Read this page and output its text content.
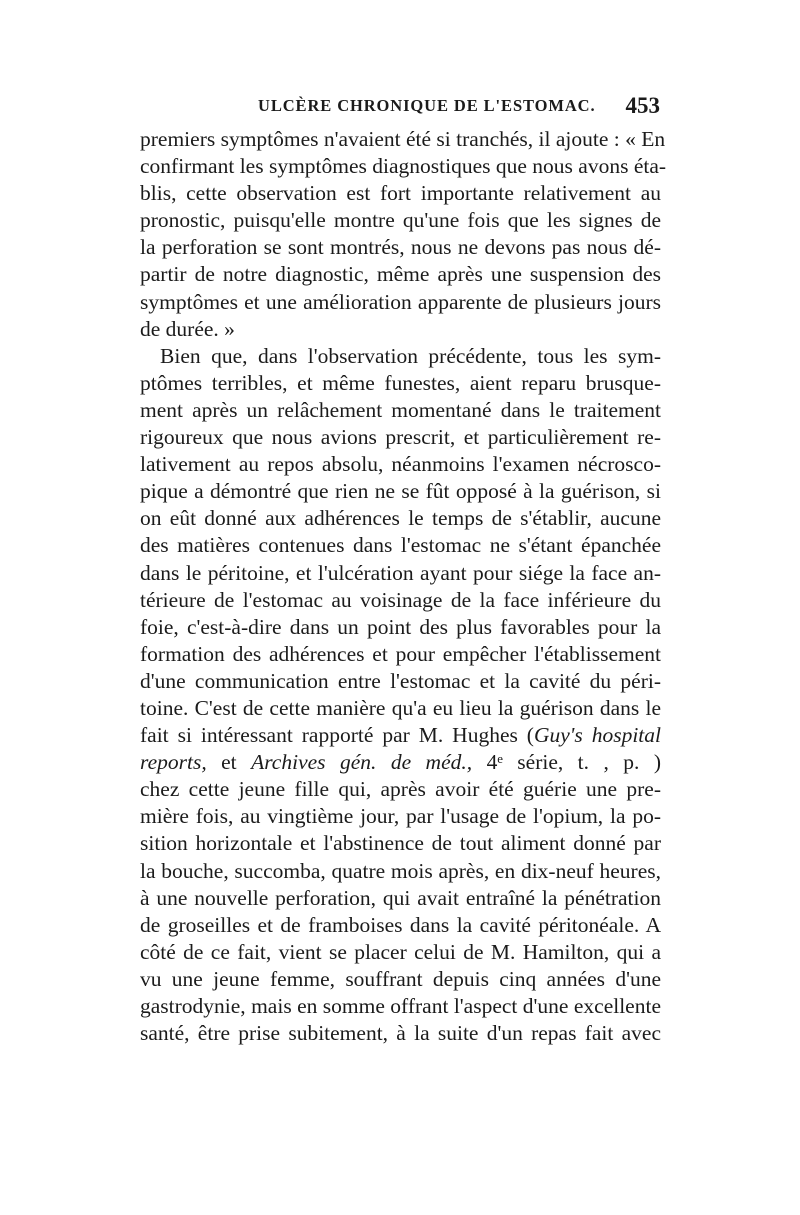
ULCÈRE CHRONIQUE DE L'ESTOMAC. 453
premiers symptômes n'avaient été si tranchés, il ajoute : « En
confirmant les symptômes diagnostiques que nous avons éta-
blis, cette observation est fort importante relativement au
pronostic, puisqu'elle montre qu'une fois que les signes de
la perforation se sont montrés, nous ne devons pas nous dé-
partir de notre diagnostic, même après une suspension des
symptômes et une amélioration apparente de plusieurs jours
de durée. »
Bien que, dans l'observation précédente, tous les sym-
ptômes terribles, et même funestes, aient reparu brusque-
ment après un relâchement momentané dans le traitement
rigoureux que nous avions prescrit, et particulièrement re-
lativement au repos absolu, néanmoins l'examen nécrosco-
pique a démontré que rien ne se fût opposé à la guérison, si
on eût donné aux adhérences le temps de s'établir, aucune
des matières contenues dans l'estomac ne s'étant épanchée
dans le péritoine, et l'ulcération ayant pour siége la face an-
térieure de l'estomac au voisinage de la face inférieure du
foie, c'est-à-dire dans un point des plus favorables pour la
formation des adhérences et pour empêcher l'établissement
d'une communication entre l'estomac et la cavité du péri-
toine. C'est de cette manière qu'a eu lieu la guérison dans le
fait si intéressant rapporté par M. Hughes (Guy's hospital
reports, et Archives gén. de méd., 4ᵉ série, t. , p. )
chez cette jeune fille qui, après avoir été guérie une pre-
mière fois, au vingtième jour, par l'usage de l'opium, la po-
sition horizontale et l'abstinence de tout aliment donné par
la bouche, succomba, quatre mois après, en dix-neuf heures,
à une nouvelle perforation, qui avait entraîné la pénétration
de groseilles et de framboises dans la cavité péritonéale. A
côté de ce fait, vient se placer celui de M. Hamilton, qui a
vu une jeune femme, souffrant depuis cinq années d'une
gastrodynie, mais en somme offrant l'aspect d'une excellente
santé, être prise subitement, à la suite d'un repas fait avec
